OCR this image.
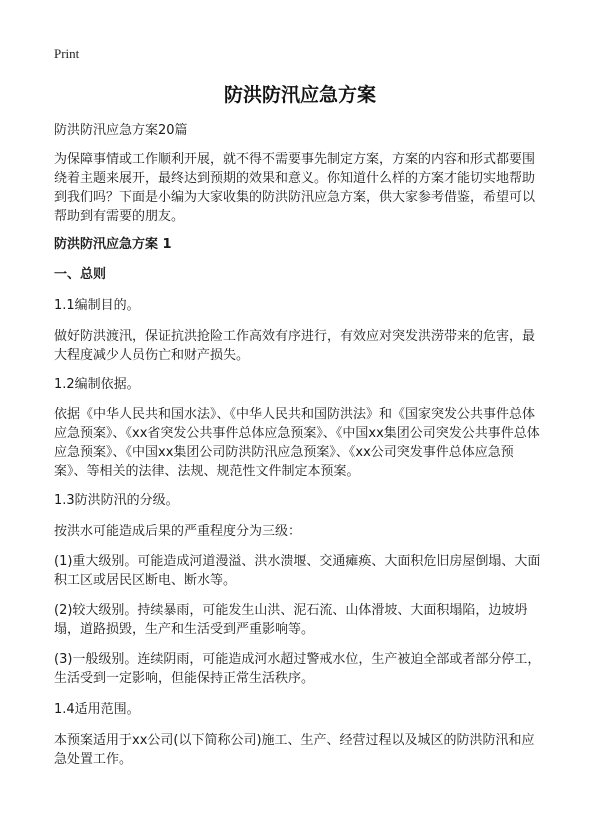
Print
防洪防汛应急方案
防洪防汛应急方案20篇
为保障事情或工作顺利开展，就不得不需要事先制定方案，方案的内容和形式都要围绕着主题来展开，最终达到预期的效果和意义。你知道什么样的方案才能切实地帮助到我们吗？下面是小编为大家收集的防洪防汛应急方案，供大家参考借鉴，希望可以帮助到有需要的朋友。
防洪防汛应急方案 1
一、总则
1.1编制目的。
做好防洪渡汛，保证抗洪抢险工作高效有序进行，有效应对突发洪涝带来的危害，最大程度减少人员伤亡和财产损失。
1.2编制依据。
依据《中华人民共和国水法》、《中华人民共和国防洪法》和《国家突发公共事件总体应急预案》、《xx省突发公共事件总体应急预案》、《中国xx集团公司突发公共事件总体应急预案》、《中国xx集团公司防洪防汛应急预案》、《xx公司突发事件总体应急预案》、等相关的法律、法规、规范性文件制定本预案。
1.3防洪防汛的分级。
按洪水可能造成后果的严重程度分为三级：
(1)重大级别。可能造成河道漫溢、洪水溃堰、交通瘫痪、大面积危旧房屋倒塌、大面积工区或居民区断电、断水等。
(2)较大级别。持续暴雨，可能发生山洪、泥石流、山体滑坡、大面积塌陷，边坡坍塌，道路损毁，生产和生活受到严重影响等。
(3)一般级别。连续阴雨，可能造成河水超过警戒水位，生产被迫全部或者部分停工，生活受到一定影响，但能保持正常生活秩序。
1.4适用范围。
本预案适用于xx公司(以下简称公司)施工、生产、经营过程以及城区的防洪防汛和应急处置工作。
